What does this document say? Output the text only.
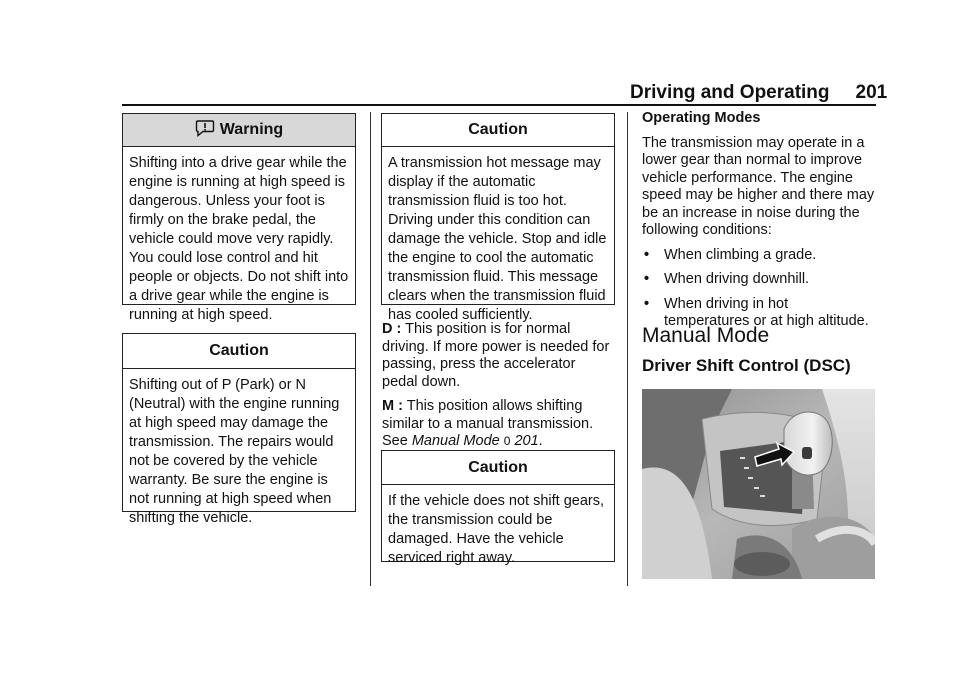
Driving and Operating 201
Warning
Shifting into a drive gear while the engine is running at high speed is dangerous. Unless your foot is firmly on the brake pedal, the vehicle could move very rapidly. You could lose control and hit people or objects. Do not shift into a drive gear while the engine is running at high speed.
Caution
Shifting out of P (Park) or N (Neutral) with the engine running at high speed may damage the transmission. The repairs would not be covered by the vehicle warranty. Be sure the engine is not running at high speed when shifting the vehicle.
Caution
A transmission hot message may display if the automatic transmission fluid is too hot. Driving under this condition can damage the vehicle. Stop and idle the engine to cool the automatic transmission fluid. This message clears when the transmission fluid has cooled sufficiently.

D : This position is for normal driving. If more power is needed for passing, press the accelerator pedal down.

M : This position allows shifting similar to a manual transmission. See Manual Mode 0 201.

Caution
If the vehicle does not shift gears, the transmission could be damaged. Have the vehicle serviced right away.

Operating Modes

The transmission may operate in a lower gear than normal to improve vehicle performance. The engine speed may be higher and there may be an increase in noise during the following conditions:

• When climbing a grade.
• When driving downhill.
• When driving in hot temperatures or at high altitude.
Manual Mode
Driver Shift Control (DSC)
